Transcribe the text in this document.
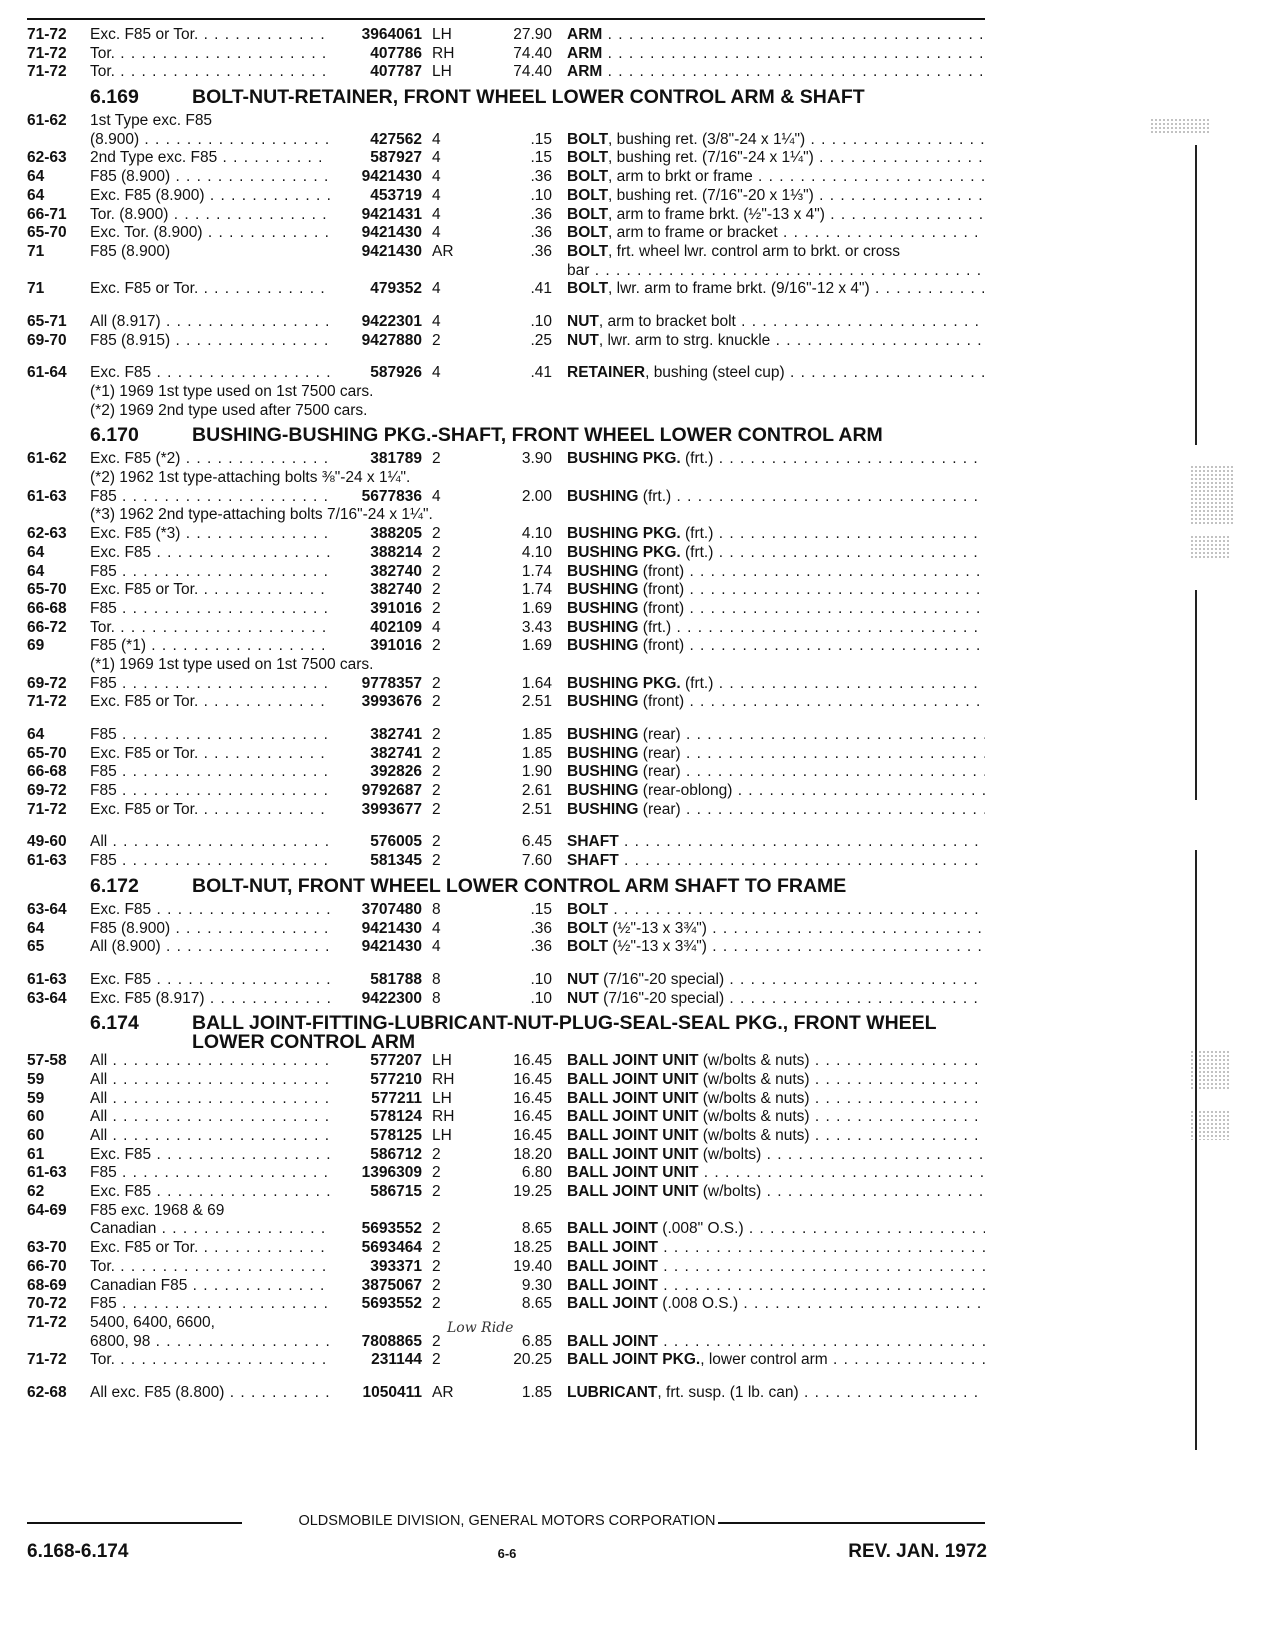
71-72	Exc. F85 or Tor. . . .	3964061 LH	27.90 ARM . . .
71-72	Tor. . . .	407786 RH	74.40 ARM . . .
71-72	Tor. . . .	407787 LH	74.40 ARM . . .
6.169	BOLT-NUT-RETAINER, FRONT WHEEL LOWER CONTROL ARM & SHAFT
61-62	1st Type exc. F85
(8.900) . . .	427562 4	.15 BOLT, bushing ret. (3/8"-24 x 1¼") . . .
62-63	2nd Type exc. F85 . . .	587927 4	.15 BOLT, bushing ret. (7/16"-24 x 1¼") . . .
64	F85 (8.900) . . .	9421430 4	.36 BOLT, arm to brkt or frame . . .
64	Exc. F85 (8.900) . . .	453719 4	.10 BOLT, bushing ret. (7/16"-20 x 1⅓") . . .
66-71	Tor. (8.900) . . .	9421431 4	.36 BOLT, arm to frame brkt. (½"-13 x 4") . . .
65-70	Exc. Tor. (8.900) . . .	9421430 4	.36 BOLT, arm to frame or bracket . . .
71	F85 (8.900)	9421430 AR	.36 BOLT, frt. wheel lwr. control arm to brkt. or cross
bar . . .
71	Exc. F85 or Tor. . . .	479352 4	.41 BOLT, lwr. arm to frame brkt. (9/16"-12 x 4") . . .
65-71	All (8.917) . . .	9422301 4	.10 NUT, arm to bracket bolt . . .
69-70	F85 (8.915) . . .	9427880 2	.25 NUT, lwr. arm to strg. knuckle . . .
61-64	Exc. F85 . . .	587926 4	.41 RETAINER, bushing (steel cup) . . .
(*1) 1969 1st type used on 1st 7500 cars.
(*2) 1969 2nd type used after 7500 cars.
6.170	BUSHING-BUSHING PKG.-SHAFT, FRONT WHEEL LOWER CONTROL ARM
61-62	Exc. F85 (*2) . . .	381789 2	3.90 BUSHING PKG. (frt.) . . .
(*2) 1962 1st type-attaching bolts ⅜"-24 x 1¼".
61-63	F85 . . .	5677836 4	2.00 BUSHING (frt.) . . .
(*3) 1962 2nd type-attaching bolts 7/16"-24 x 1¼".
62-63	Exc. F85 (*3) . . .	388205 2	4.10 BUSHING PKG. (frt.) . . .
64	Exc. F85 . . .	388214 2	4.10 BUSHING PKG. (frt.) . . .
64	F85 . . .	382740 2	1.74 BUSHING (front) . . .
65-70	Exc. F85 or Tor. . . .	382740 2	1.74 BUSHING (front) . . .
66-68	F85 . . .	391016 2	1.69 BUSHING (front) . . .
66-72	Tor. . . .	402109 4	3.43 BUSHING (frt.) . . .
69	F85 (*1) . . .	391016 2	1.69 BUSHING (front) . . .
(*1) 1969 1st type used on 1st 7500 cars.
69-72	F85 . . .	9778357 2	1.64 BUSHING PKG. (frt.) . . .
71-72	Exc. F85 or Tor. . . .	3993676 2	2.51 BUSHING (front) . . .
64	F85 . . .	382741 2	1.85 BUSHING (rear) . . .
65-70	Exc. F85 or Tor. . . .	382741 2	1.85 BUSHING (rear) . . .
66-68	F85 . . .	392826 2	1.90 BUSHING (rear) . . .
69-72	F85 . . .	9792687 2	2.61 BUSHING (rear-oblong) . . .
71-72	Exc. F85 or Tor. . . .	3993677 2	2.51 BUSHING (rear) . . .
49-60	All . . .	576005 2	6.45 SHAFT . . .
61-63	F85 . . .	581345 2	7.60 SHAFT . . .
6.172	BOLT-NUT, FRONT WHEEL LOWER CONTROL ARM SHAFT TO FRAME
63-64	Exc. F85 . . .	3707480 8	.15 BOLT . . .
64	F85 (8.900) . . .	9421430 4	.36 BOLT (½"-13 x 3¾") . . .
65	All (8.900) . . .	9421430 4	.36 BOLT (½"-13 x 3¾") . . .
61-63	Exc. F85 . . .	581788 8	.10 NUT (7/16"-20 special) . . .
63-64	Exc. F85 (8.917) . . .	9422300 8	.10 NUT (7/16"-20 special) . . .
6.174	BALL JOINT-FITTING-LUBRICANT-NUT-PLUG-SEAL-SEAL PKG., FRONT WHEEL LOWER CONTROL ARM
57-58	All . . .	577207 LH	16.45 BALL JOINT UNIT (w/bolts & nuts) . . .
59	All . . .	577210 RH	16.45 BALL JOINT UNIT (w/bolts & nuts) . . .
59	All . . .	577211 LH	16.45 BALL JOINT UNIT (w/bolts & nuts) . . .
60	All . . .	578124 RH	16.45 BALL JOINT UNIT (w/bolts & nuts) . . .
60	All . . .	578125 LH	16.45 BALL JOINT UNIT (w/bolts & nuts) . . .
61	Exc. F85 . . .	586712 2	18.20 BALL JOINT UNIT (w/bolts) . . .
61-63	F85 . . .	1396309 2	6.80 BALL JOINT UNIT . . .
62	Exc. F85 . . .	586715 2	19.25 BALL JOINT UNIT (w/bolts) . . .
64-69	F85 exc. 1968 & 69
Canadian . . .	5693552 2	8.65 BALL JOINT (.008" O.S.) . . .
63-70	Exc. F85 or Tor. . . .	5693464 2	18.25 BALL JOINT . . .
66-70	Tor. . . .	393371 2	19.40 BALL JOINT . . .
68-69	Canadian F85 . . .	3875067 2	9.30 BALL JOINT . . .
70-72	F85 . . .	5693552 2	8.65 BALL JOINT (.008 O.S.) . . .
71-72	5400, 6400, 6600,
6800, 98 . . .	7808865 2	6.85 BALL JOINT . . .
71-72	Tor. . . .	231144 2	20.25 BALL JOINT PKG., lower control arm . . .
62-68	All exc. F85 (8.800) . . .	1050411 AR	1.85 LUBRICANT, frt. susp. (1 lb. can) . . .
OLDSMOBILE DIVISION, GENERAL MOTORS CORPORATION
6.168-6.174	6-6	REV. JAN. 1972
Low Ride
